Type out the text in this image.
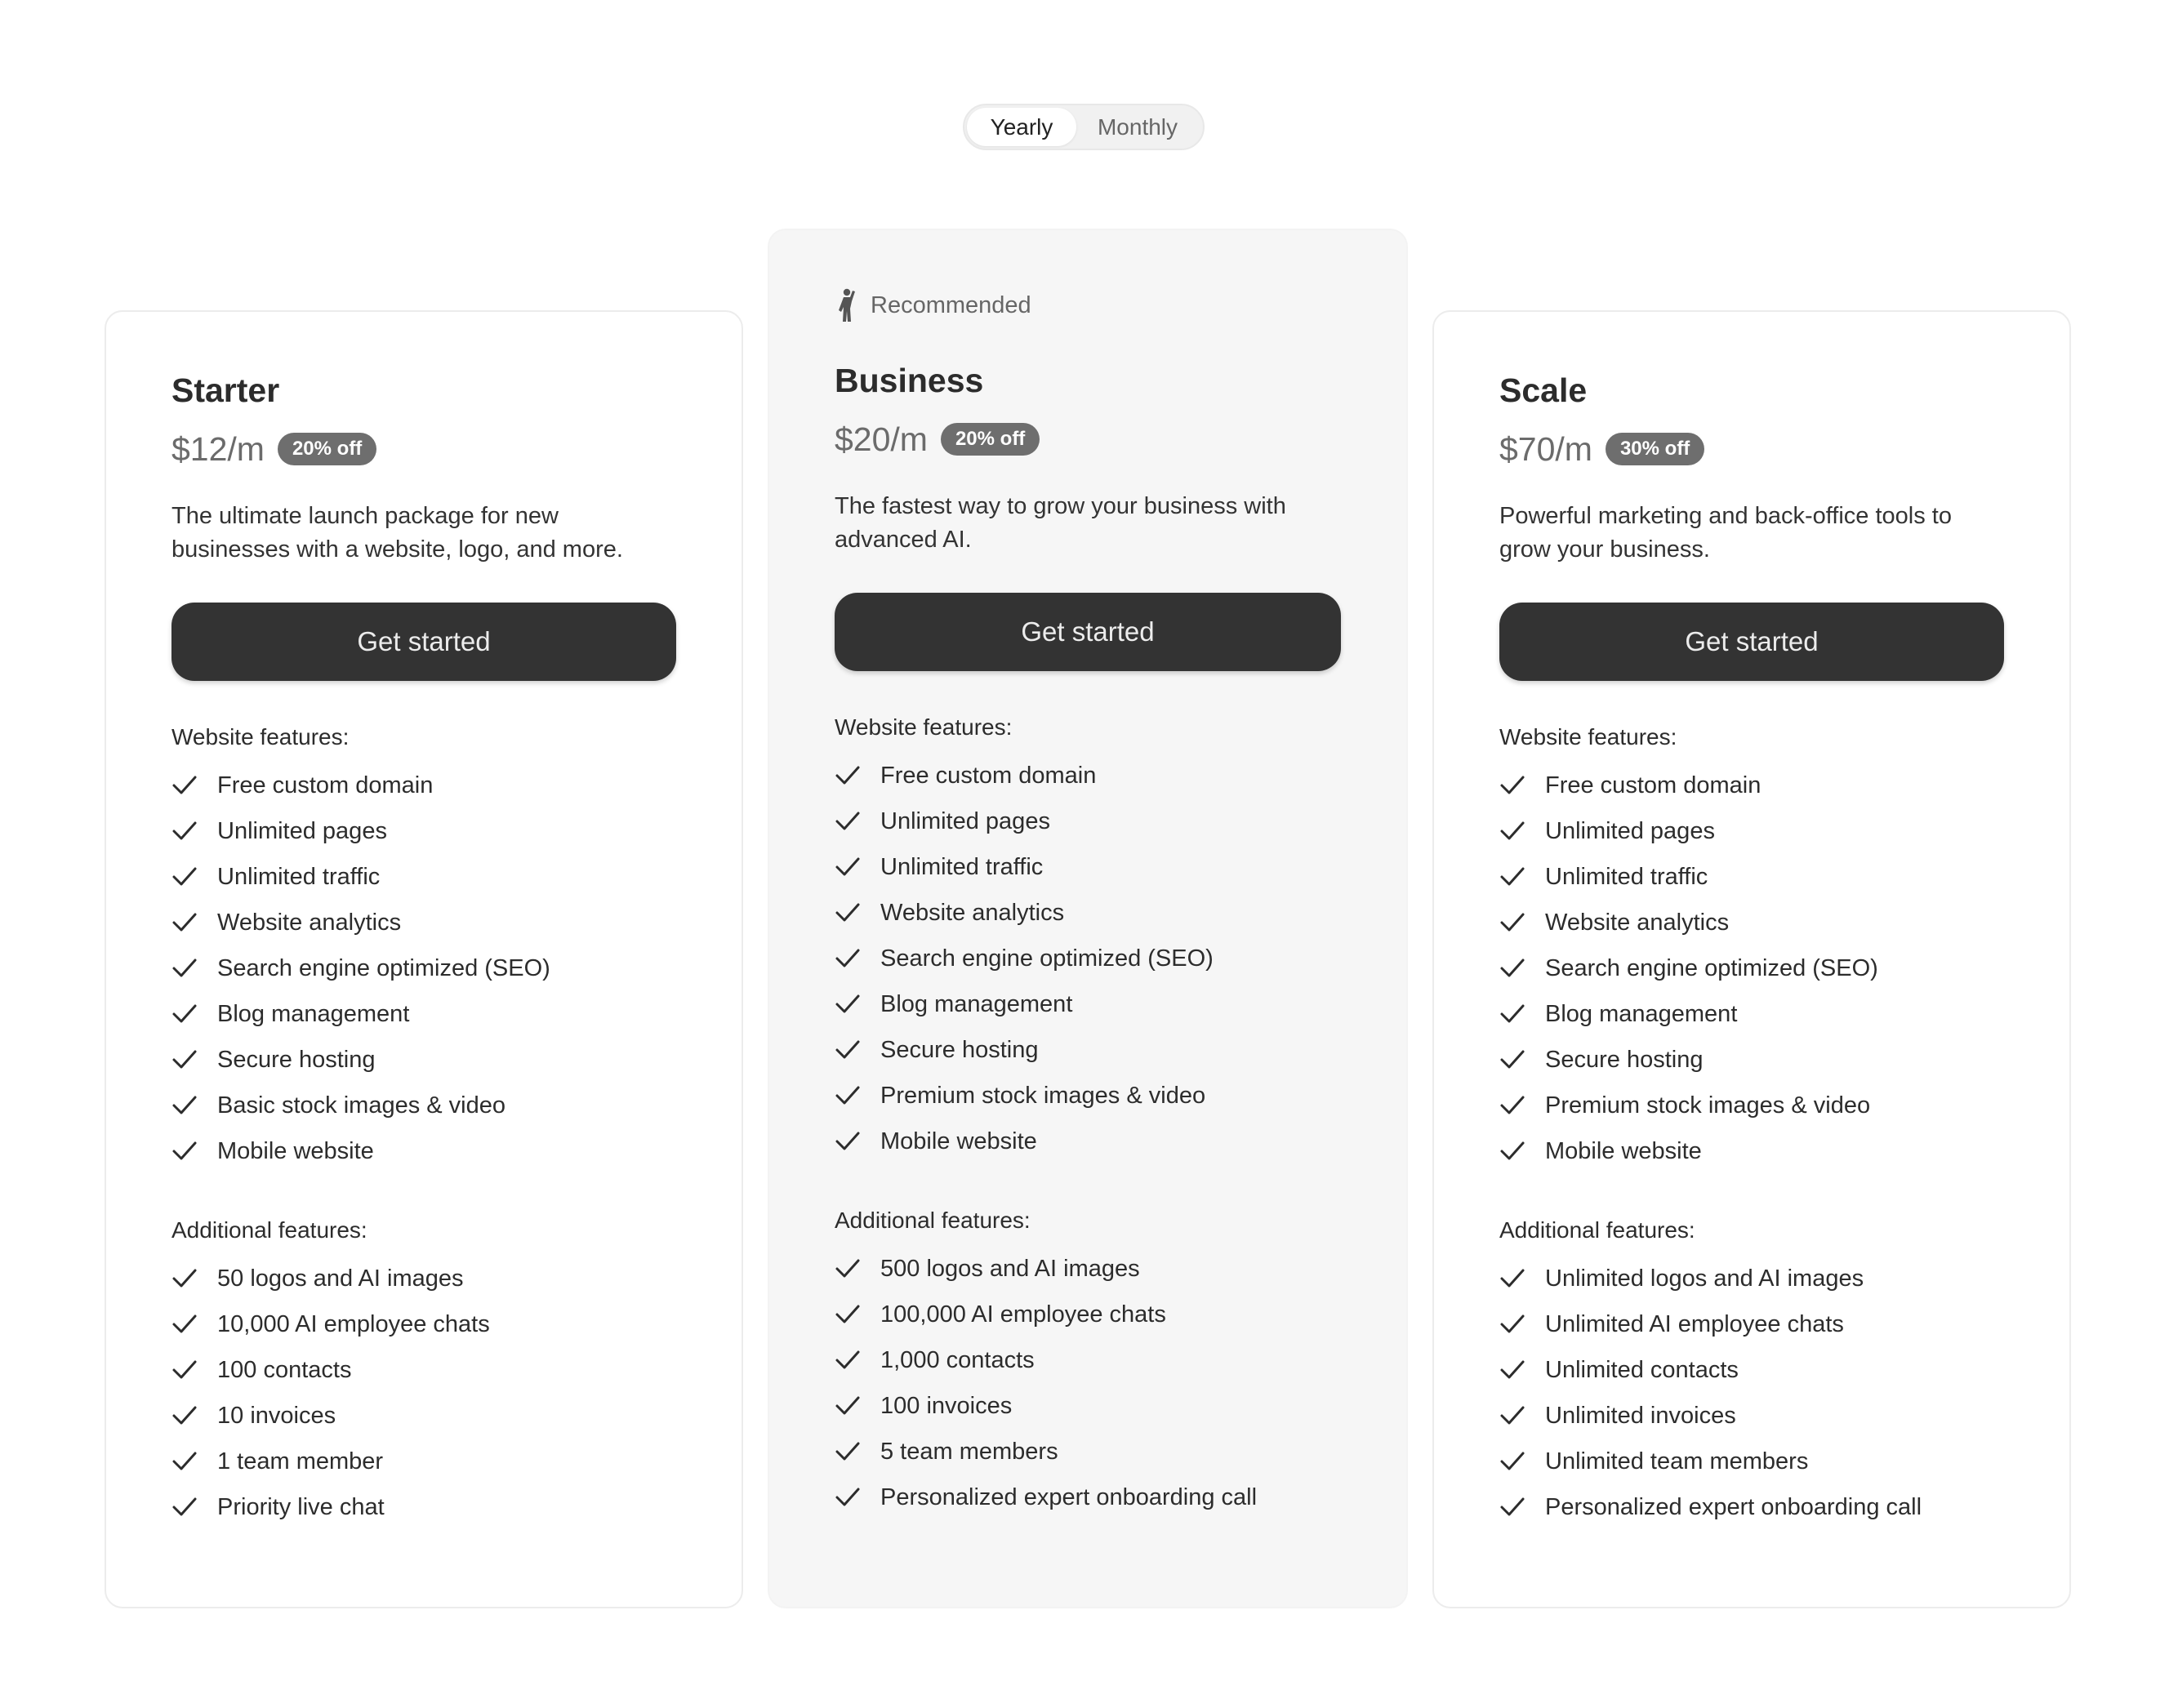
Yearly	Monthly
Starter
$12/m	20% off
The ultimate launch package for new businesses with a website, logo, and more.
Get started
Website features:
Free custom domain
Unlimited pages
Unlimited traffic
Website analytics
Search engine optimized (SEO)
Blog management
Secure hosting
Basic stock images & video
Mobile website
Additional features:
50 logos and AI images
10,000 AI employee chats
100 contacts
10 invoices
1 team member
Priority live chat
Recommended
Business
$20/m	20% off
The fastest way to grow your business with advanced AI.
Get started
Website features:
Free custom domain
Unlimited pages
Unlimited traffic
Website analytics
Search engine optimized (SEO)
Blog management
Secure hosting
Premium stock images & video
Mobile website
Additional features:
500 logos and AI images
100,000 AI employee chats
1,000 contacts
100 invoices
5 team members
Personalized expert onboarding call
Scale
$70/m	30% off
Powerful marketing and back-office tools to grow your business.
Get started
Website features:
Free custom domain
Unlimited pages
Unlimited traffic
Website analytics
Search engine optimized (SEO)
Blog management
Secure hosting
Premium stock images & video
Mobile website
Additional features:
Unlimited logos and AI images
Unlimited AI employee chats
Unlimited contacts
Unlimited invoices
Unlimited team members
Personalized expert onboarding call
